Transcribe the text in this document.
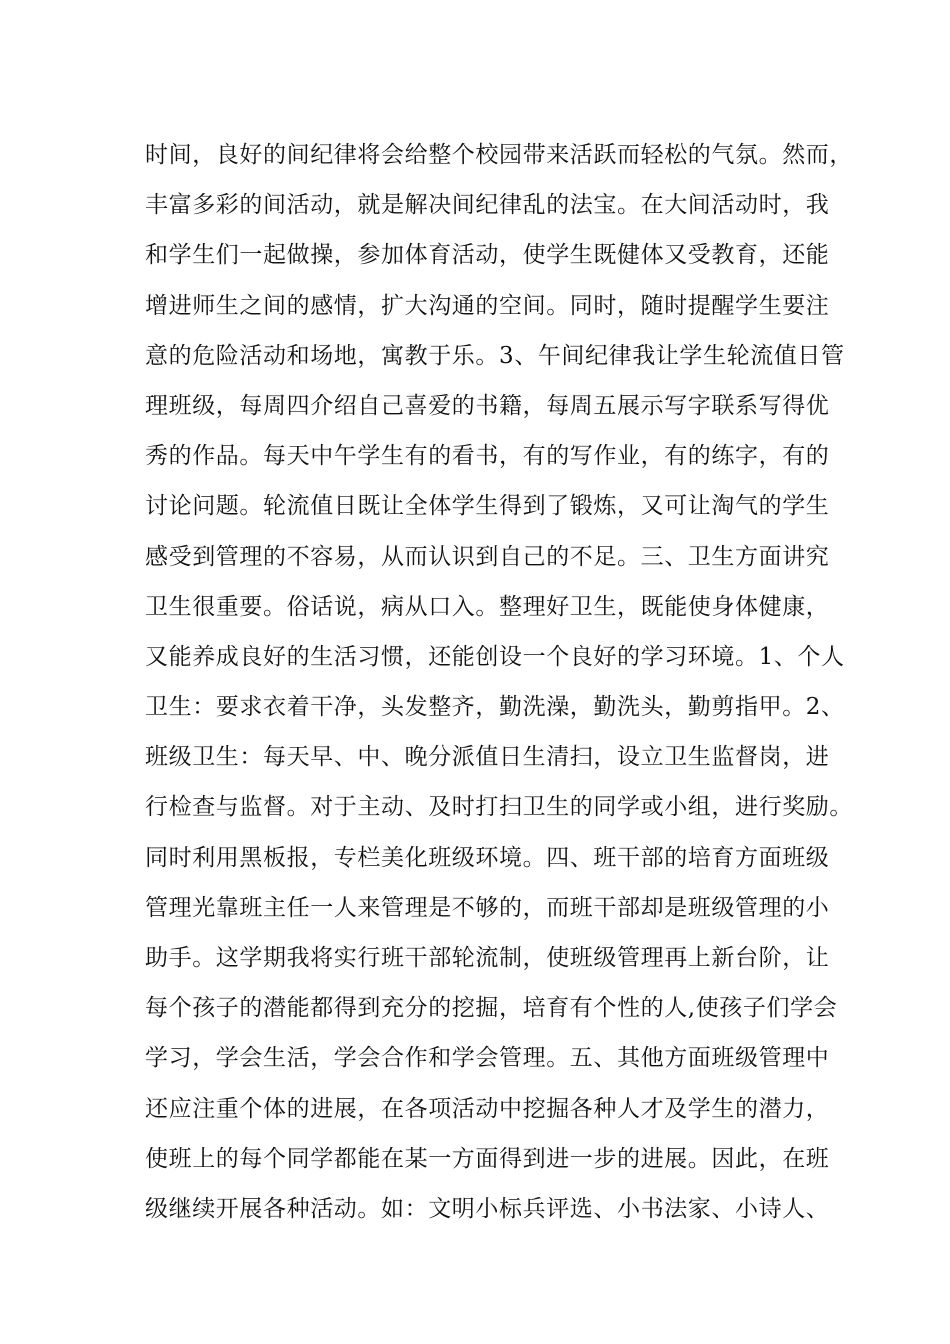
时间，良好的间纪律将会给整个校园带来活跃而轻松的气氛。然而，
丰富多彩的间活动，就是解决间纪律乱的法宝。在大间活动时，我
和学生们一起做操，参加体育活动，使学生既健体又受教育，还能
增进师生之间的感情，扩大沟通的空间。同时，随时提醒学生要注
意的危险活动和场地，寓教于乐。3、午间纪律我让学生轮流值日管
理班级，每周四介绍自己喜爱的书籍，每周五展示写字联系写得优
秀的作品。每天中午学生有的看书，有的写作业，有的练字，有的
讨论问题。轮流值日既让全体学生得到了锻炼，又可让淘气的学生
感受到管理的不容易，从而认识到自己的不足。三、卫生方面讲究
卫生很重要。俗话说，病从口入。整理好卫生，既能使身体健康，
又能养成良好的生活习惯，还能创设一个良好的学习环境。1、个人
卫生：要求衣着干净，头发整齐，勤洗澡，勤洗头，勤剪指甲。2、
班级卫生：每天早、中、晚分派值日生清扫，设立卫生监督岗，进
行检查与监督。对于主动、及时打扫卫生的同学或小组，进行奖励。
同时利用黑板报，专栏美化班级环境。四、班干部的培育方面班级
管理光靠班主任一人来管理是不够的，而班干部却是班级管理的小
助手。这学期我将实行班干部轮流制，使班级管理再上新台阶，让
每个孩子的潜能都得到充分的挖掘，培育有个性的人,使孩子们学会
学习，学会生活，学会合作和学会管理。五、其他方面班级管理中
还应注重个体的进展，在各项活动中挖掘各种人才及学生的潜力，
使班上的每个同学都能在某一方面得到进一步的进展。因此，在班
级继续开展各种活动。如：文明小标兵评选、小书法家、小诗人、
